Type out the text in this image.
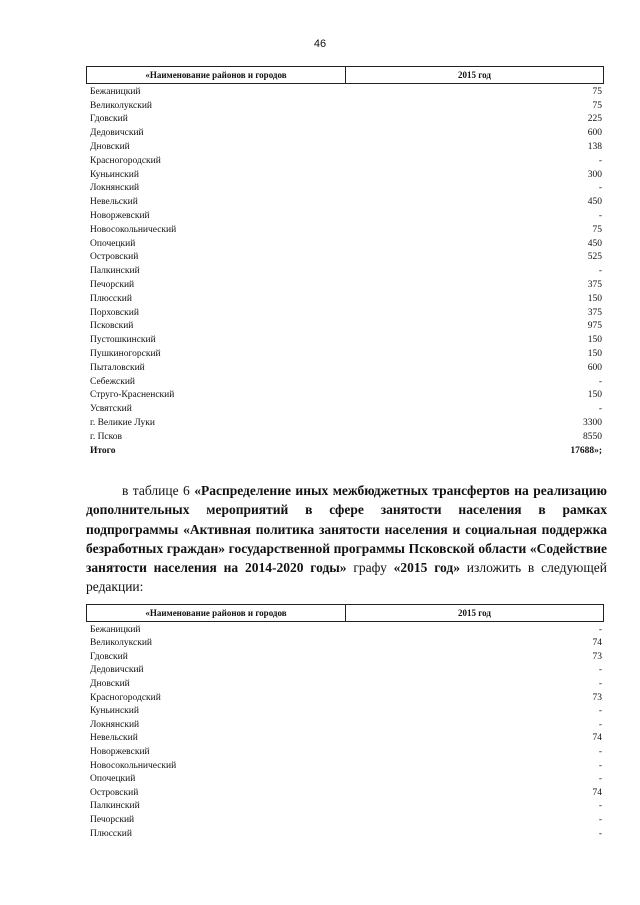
46
«Наименование районов и городов	2015 год
Бежаницкий	75
Великолукский	75
Гдовский	225
Дедовичский	600
Дновский	138
Красногородский	-
Куньинский	300
Локнянский	-
Невельский	450
Новоржевский	-
Новосокольнический	75
Опочецкий	450
Островский	525
Палкинский	-
Печорский	375
Плюсский	150
Порховский	375
Псковский	975
Пустошкинский	150
Пушкиногорский	150
Пыталовский	600
Себежский	-
Струго-Красненский	150
Усвятский	-
г. Великие Луки	3300
г. Псков	8550
Итого	17688»;
в таблице 6 «Распределение иных межбюджетных трансфертов на реализацию дополнительных мероприятий в сфере занятости населения в рамках подпрограммы «Активная политика занятости населения и социальная поддержка безработных граждан» государственной программы Псковской области «Содействие занятости населения на 2014-2020 годы» графу «2015 год» изложить в следующей редакции:
«Наименование районов и городов	2015 год
Бежаницкий	-
Великолукский	74
Гдовский	73
Дедовичский	-
Дновский	-
Красногородский	73
Куньинский	-
Локнянский	-
Невельский	74
Новоржевский	-
Новосокольнический	-
Опочецкий	-
Островский	74
Палкинский	-
Печорский	-
Плюсский	-
